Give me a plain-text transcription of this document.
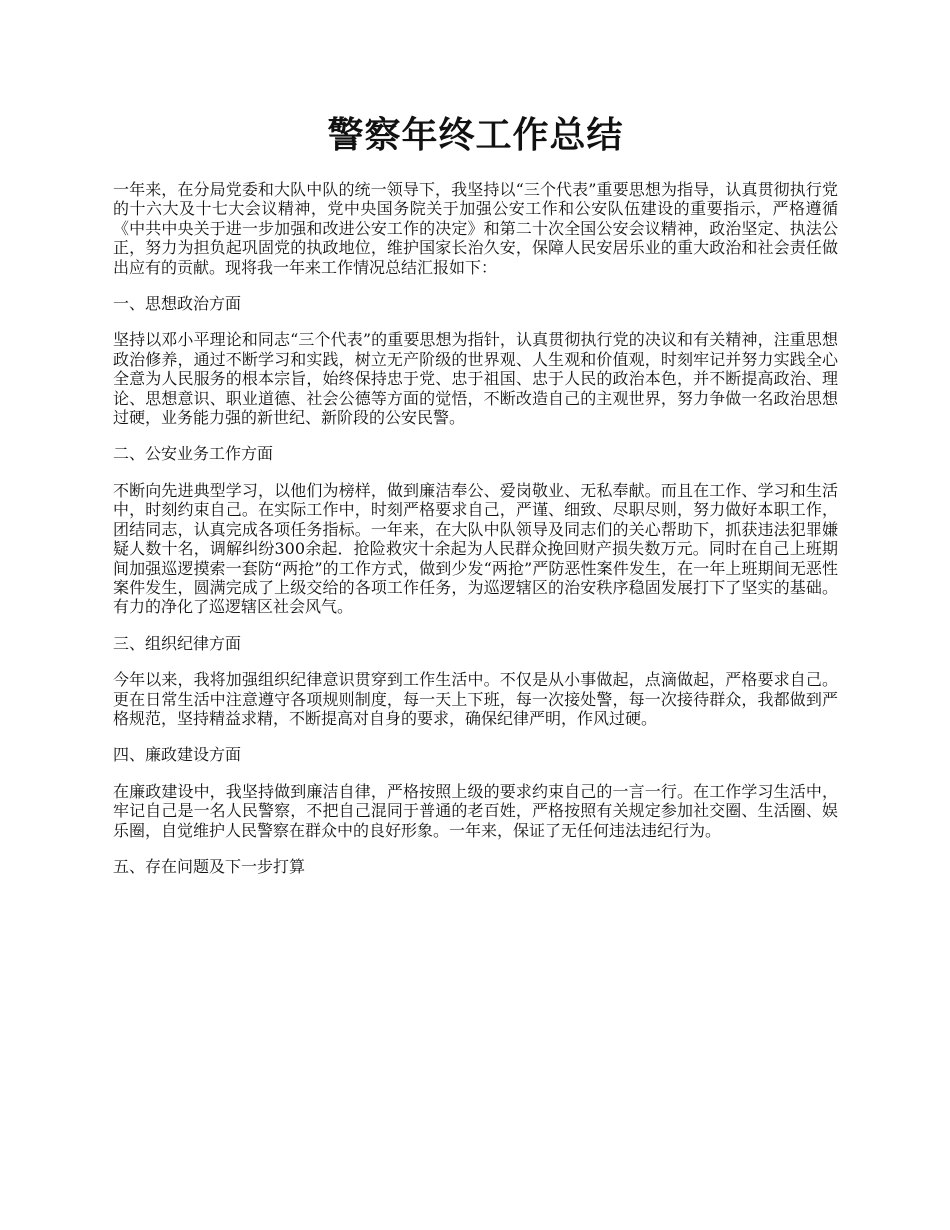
警察年终工作总结

一年来，在分局党委和大队中队的统一领导下，我坚持以“三个代表”重要思想为指导，认真贯彻执行党的十六大及十七大会议精神，党中央国务院关于加强公安工作和公安队伍建设的重要指示，严格遵循《中共中央关于进一步加强和改进公安工作的决定》和第二十次全国公安会议精神，政治坚定、执法公正，努力为担负起巩固党的执政地位，维护国家长治久安，保障人民安居乐业的重大政治和社会责任做出应有的贡献。现将我一年来工作情况总结汇报如下：

一、思想政治方面

坚持以邓小平理论和同志“三个代表”的重要思想为指针，认真贯彻执行党的决议和有关精神，注重思想政治修养，通过不断学习和实践，树立无产阶级的世界观、人生观和价值观，时刻牢记并努力实践全心全意为人民服务的根本宗旨，始终保持忠于党、忠于祖国、忠于人民的政治本色，并不断提高政治、理论、思想意识、职业道德、社会公德等方面的觉悟，不断改造自己的主观世界，努力争做一名政治思想过硬，业务能力强的新世纪、新阶段的公安民警。

二、公安业务工作方面

不断向先进典型学习，以他们为榜样，做到廉洁奉公、爱岗敬业、无私奉献。而且在工作、学习和生活中，时刻约束自己。在实际工作中，时刻严格要求自己，严谨、细致、尽职尽则，努力做好本职工作，团结同志，认真完成各项任务指标。一年来，在大队中队领导及同志们的关心帮助下，抓获违法犯罪嫌疑人数十名，调解纠纷300余起．抢险救灾十余起为人民群众挽回财产损失数万元。同时在自己上班期间加强巡逻摸索一套防“两抢”的工作方式，做到少发“两抢”严防恶性案件发生，在一年上班期间无恶性案件发生，圆满完成了上级交给的各项工作任务，为巡逻辖区的治安秩序稳固发展打下了坚实的基础。有力的净化了巡逻辖区社会风气。

三、组织纪律方面

今年以来，我将加强组织纪律意识贯穿到工作生活中。不仅是从小事做起，点滴做起，严格要求自己。更在日常生活中注意遵守各项规则制度，每一天上下班，每一次接处警，每一次接待群众，我都做到严格规范，坚持精益求精，不断提高对自身的要求，确保纪律严明，作风过硬。

四、廉政建设方面

在廉政建设中，我坚持做到廉洁自律，严格按照上级的要求约束自己的一言一行。在工作学习生活中，牢记自己是一名人民警察，不把自己混同于普通的老百姓，严格按照有关规定参加社交圈、生活圈、娱乐圈，自觉维护人民警察在群众中的良好形象。一年来，保证了无任何违法违纪行为。

五、存在问题及下一步打算
